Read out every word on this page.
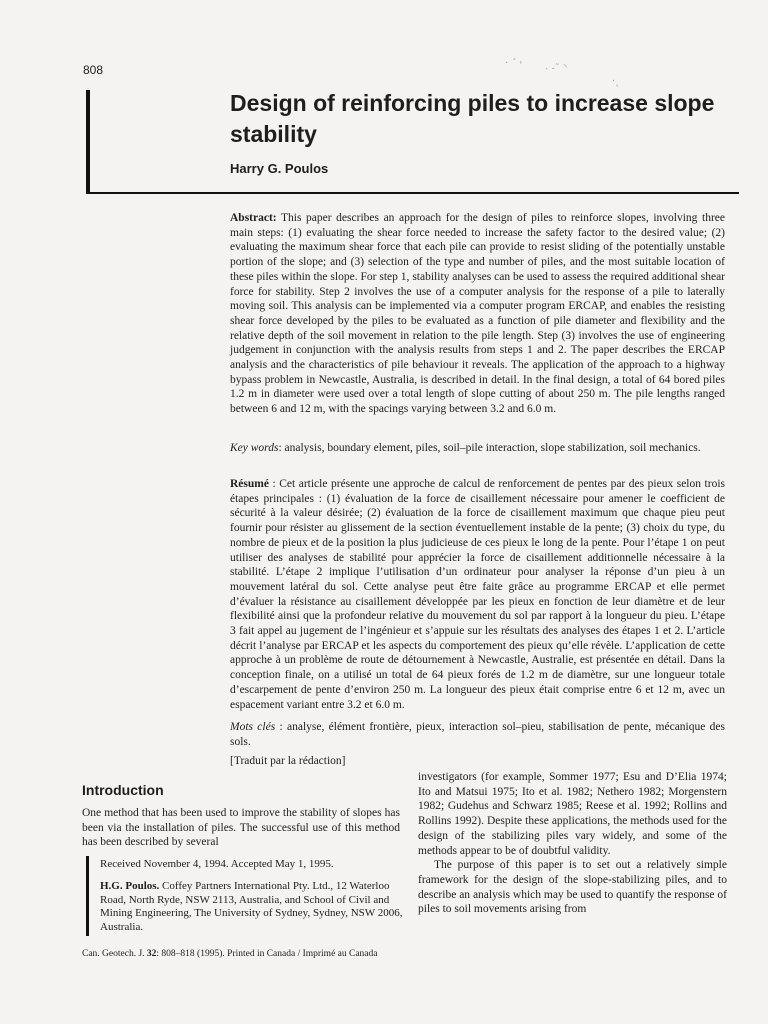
808
Design of reinforcing piles to increase slope stability
Harry G. Poulos
· ˊ ˒ ˴ ˗˜ ⸌
·ˎ

Abstract: This paper describes an approach for the design of piles to reinforce slopes, involving three main steps: (1) evaluating the shear force needed to increase the safety factor to the desired value; (2) evaluating the maximum shear force that each pile can provide to resist sliding of the potentially unstable portion of the slope; and (3) selection of the type and number of piles, and the most suitable location of these piles within the slope. For step 1, stability analyses can be used to assess the required additional shear force for stability. Step 2 involves the use of a computer analysis for the response of a pile to laterally moving soil. This analysis can be implemented via a computer program ERCAP, and enables the resisting shear force developed by the piles to be evaluated as a function of pile diameter and flexibility and the relative depth of the soil movement in relation to the pile length. Step (3) involves the use of engineering judgement in conjunction with the analysis results from steps 1 and 2. The paper describes the ERCAP analysis and the characteristics of pile behaviour it reveals. The application of the approach to a highway bypass problem in Newcastle, Australia, is described in detail. In the final design, a total of 64 bored piles 1.2 m in diameter were used over a total length of slope cutting of about 250 m. The pile lengths ranged between 6 and 12 m, with the spacings varying between 3.2 and 6.0 m.

Key words: analysis, boundary element, piles, soil–pile interaction, slope stabilization, soil mechanics.

Résumé : Cet article présente une approche de calcul de renforcement de pentes par des pieux selon trois étapes principales : (1) évaluation de la force de cisaillement nécessaire pour amener le coefficient de sécurité à la valeur désirée; (2) évaluation de la force de cisaillement maximum que chaque pieu peut fournir pour résister au glissement de la section éventuellement instable de la pente; (3) choix du type, du nombre de pieux et de la position la plus judicieuse de ces pieux le long de la pente. Pour l’étape 1 on peut utiliser des analyses de stabilité pour apprécier la force de cisaillement additionnelle nécessaire à la stabilité. L’étape 2 implique l’utilisation d’un ordinateur pour analyser la réponse d’un pieu à un mouvement latéral du sol. Cette analyse peut être faite grâce au programme ERCAP et elle permet d’évaluer la résistance au cisaillement développée par les pieux en fonction de leur diamètre et de leur flexibilité ainsi que la profondeur relative du mouvement du sol par rapport à la longueur du pieu. L’étape 3 fait appel au jugement de l’ingénieur et s’appuie sur les résultats des analyses des étapes 1 et 2. L’article décrit l’analyse par ERCAP et les aspects du comportement des pieux qu’elle révèle. L’application de cette approche à un problème de route de détournement à Newcastle, Australie, est présentée en détail. Dans la conception finale, on a utilisé un total de 64 pieux forés de 1.2 m de diamètre, sur une longueur totale d’escarpement de pente d’environ 250 m. La longueur des pieux était comprise entre 6 et 12 m, avec un espacement variant entre 3.2 et 6.0 m.

Mots clés : analyse, élément frontière, pieux, interaction sol–pieu, stabilisation de pente, mécanique des sols.

[Traduit par la rédaction]

Introduction

One method that has been used to improve the stability of slopes has been via the installation of piles. The successful use of this method has been described by several

investigators (for example, Sommer 1977; Esu and D’Elia 1974; Ito and Matsui 1975; Ito et al. 1982; Nethero 1982; Morgenstern 1982; Gudehus and Schwarz 1985; Reese et al. 1992; Rollins and Rollins 1992). Despite these applications, the methods used for the design of the stabilizing piles vary widely, and some of the methods appear to be of doubtful validity.

The purpose of this paper is to set out a relatively simple framework for the design of the slope-stabilizing piles, and to describe an analysis which may be used to quantify the response of piles to soil movements arising from

Received November 4, 1994. Accepted May 1, 1995.

H.G. Poulos. Coffey Partners International Pty. Ltd., 12 Waterloo Road, North Ryde, NSW 2113, Australia, and School of Civil and Mining Engineering, The University of Sydney, Sydney, NSW 2006, Australia.

Can. Geotech. J. 32: 808–818 (1995). Printed in Canada / Imprimé au Canada
